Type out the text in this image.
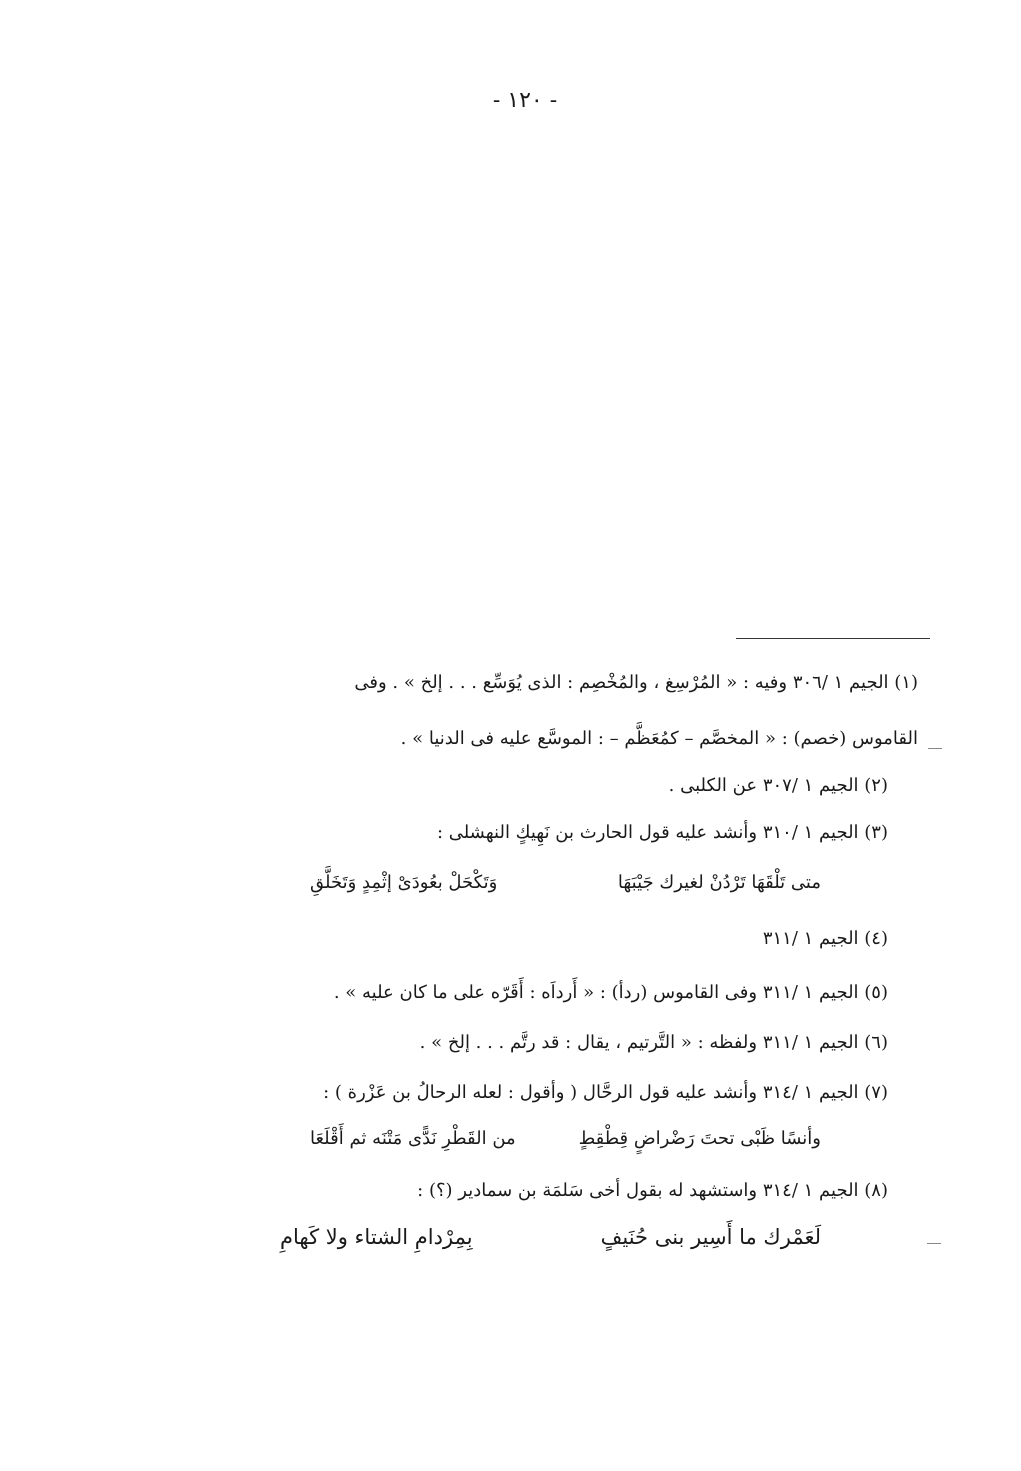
- ١٢٠ -
(١) الجيم ١ /٣٠٦ وفيه : « المُرْسِغ ، والمُخْصِم : الذى يُوَسِّع . . . إلخ » . وفى
القاموس (خصم) : « المخصَّم – كمُعَظَّم – : الموسَّع عليه فى الدنيا » .
(٢) الجيم ١ /٣٠٧ عن الكلبى .
(٣) الجيم ١ /٣١٠ وأنشد عليه قول الحارث بن نَهِيكٍ النهشلى :
متى تَلْقَهَا تَرْدُنْ لغيرك جَيْبَهَا
وَتَكْحَلْ بعُودَىْ إثْمِدٍ وَتَخَلَّقِ
(٤) الجيم ١ /٣١١
(٥) الجيم ١ /٣١١ وفى القاموس (ردأ) : « أَرداَه : أَقَرّه على ما كان عليه » .
(٦) الجيم ١ /٣١١ ولفظه : « التَّرتيم ، يقال : قد رتَّم . . . إلخ » .
(٧) الجيم ١ /٣١٤ وأنشد عليه قول الرحَّال ( وأقول : لعله الرحالُ بن عَزْرة ) :
وأنسًا ظَبْى تحتَ رَضْراضٍ قِطْقِطٍ
من القَطْرِ نَدًّى مَتْنَه ثم أَقْلَعَا
(٨) الجيم ١ /٣١٤ واستشهد له بقول أخى سَلمَة بن سمادير (؟) :
لَعَمْرك ما أَسِير بنى حُنَيفٍ
بِمِرْدامِ الشتاء ولا كَهامِ
